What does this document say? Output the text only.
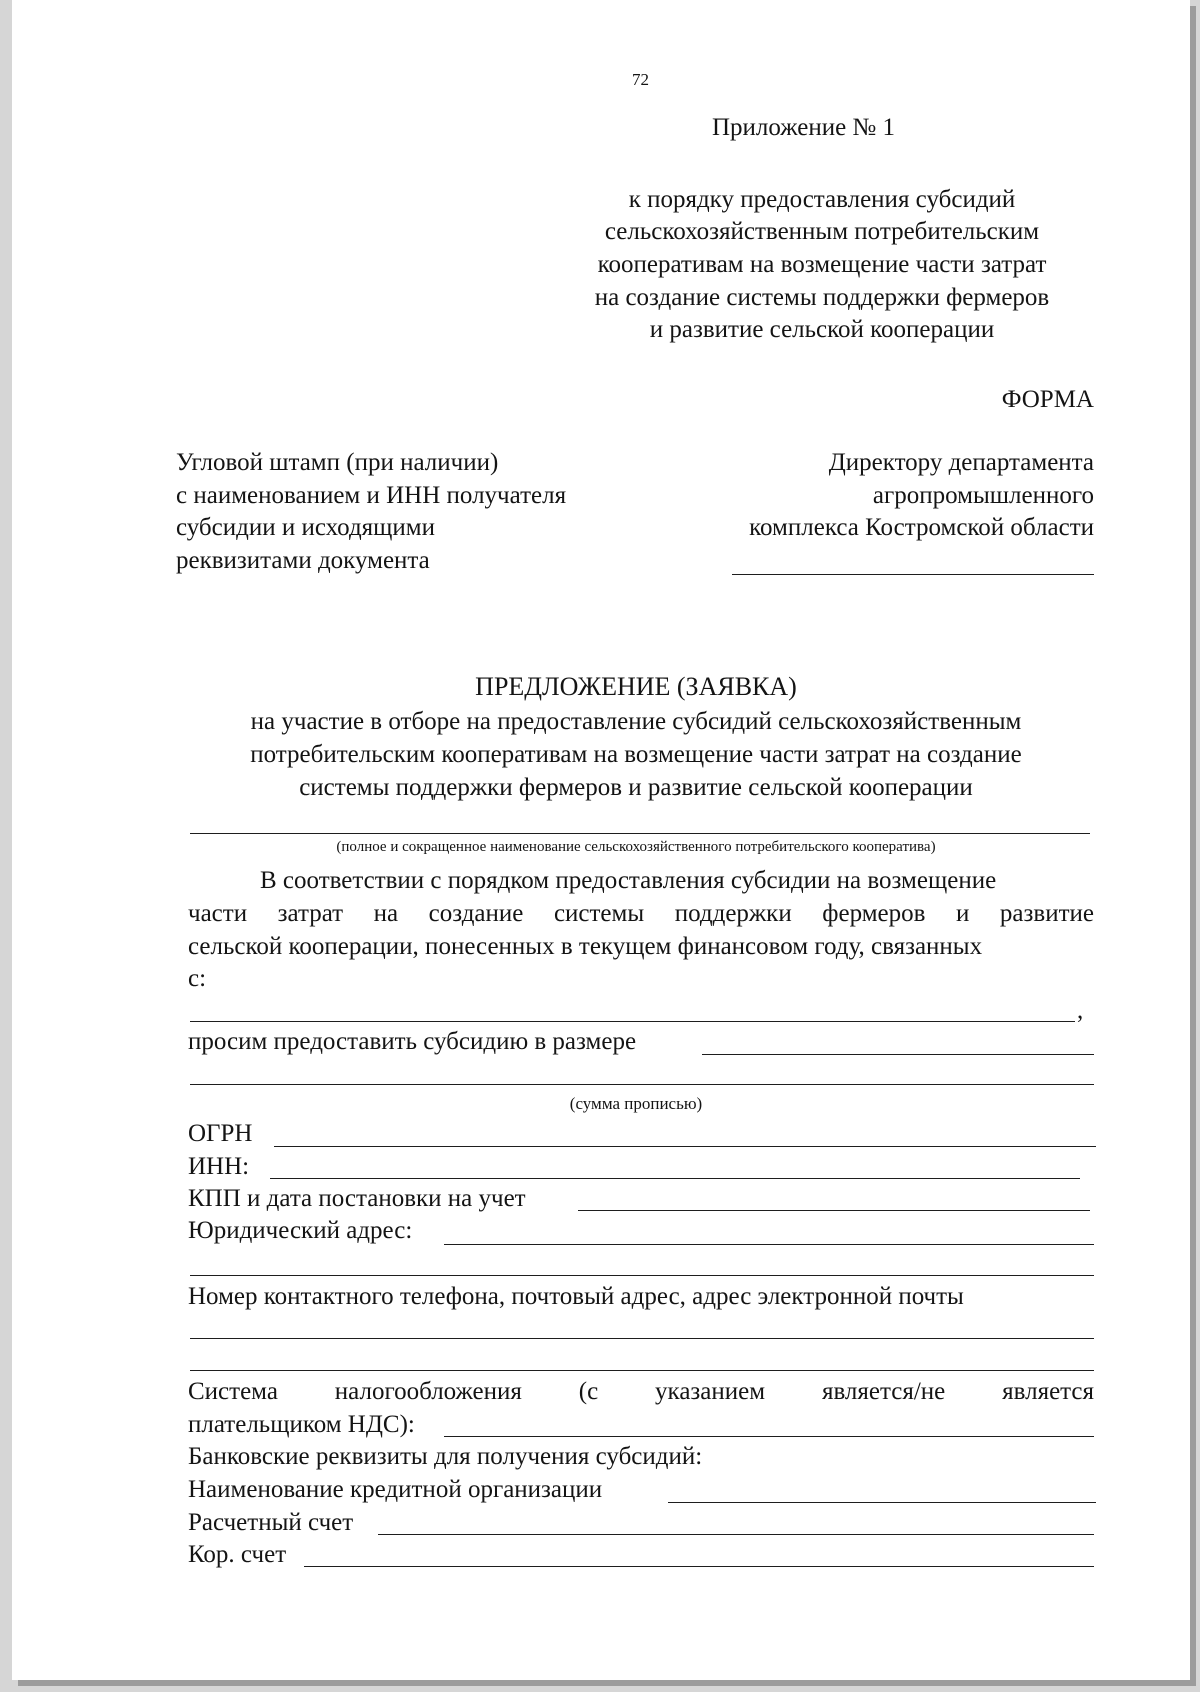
72
Приложение № 1
к порядку предоставления субсидий
сельскохозяйственным потребительским
кооперативам на возмещение части затрат
на создание системы поддержки фермеров
и развитие сельской кооперации
ФОРМА
Угловой штамп (при наличии)
с наименованием и ИНН получателя
субсидии и исходящими
реквизитами документа
Директору департамента
агропромышленного
комплекса Костромской области
ПРЕДЛОЖЕНИЕ (ЗАЯВКА)
на участие в отборе на предоставление субсидий сельскохозяйственным
потребительским кооперативам на возмещение части затрат на создание
системы поддержки фермеров и развитие сельской кооперации
(полное и сокращенное наименование сельскохозяйственного потребительского кооператива)
В соответствии с порядком предоставления субсидии на возмещение
части затрат на создание системы поддержки фермеров и развитие
сельской кооперации, понесенных в текущем финансовом году, связанных
с:
,
просим предоставить субсидию в размере
(сумма прописью)
ОГРН
ИНН:
КПП и дата постановки на учет
Юридический адрес:
Номер контактного телефона, почтовый адрес, адрес электронной почты
Система налогообложения (с указанием является/не является
плательщиком НДС):
Банковские реквизиты для получения субсидий:
Наименование кредитной организации
Расчетный счет
Кор. счет
